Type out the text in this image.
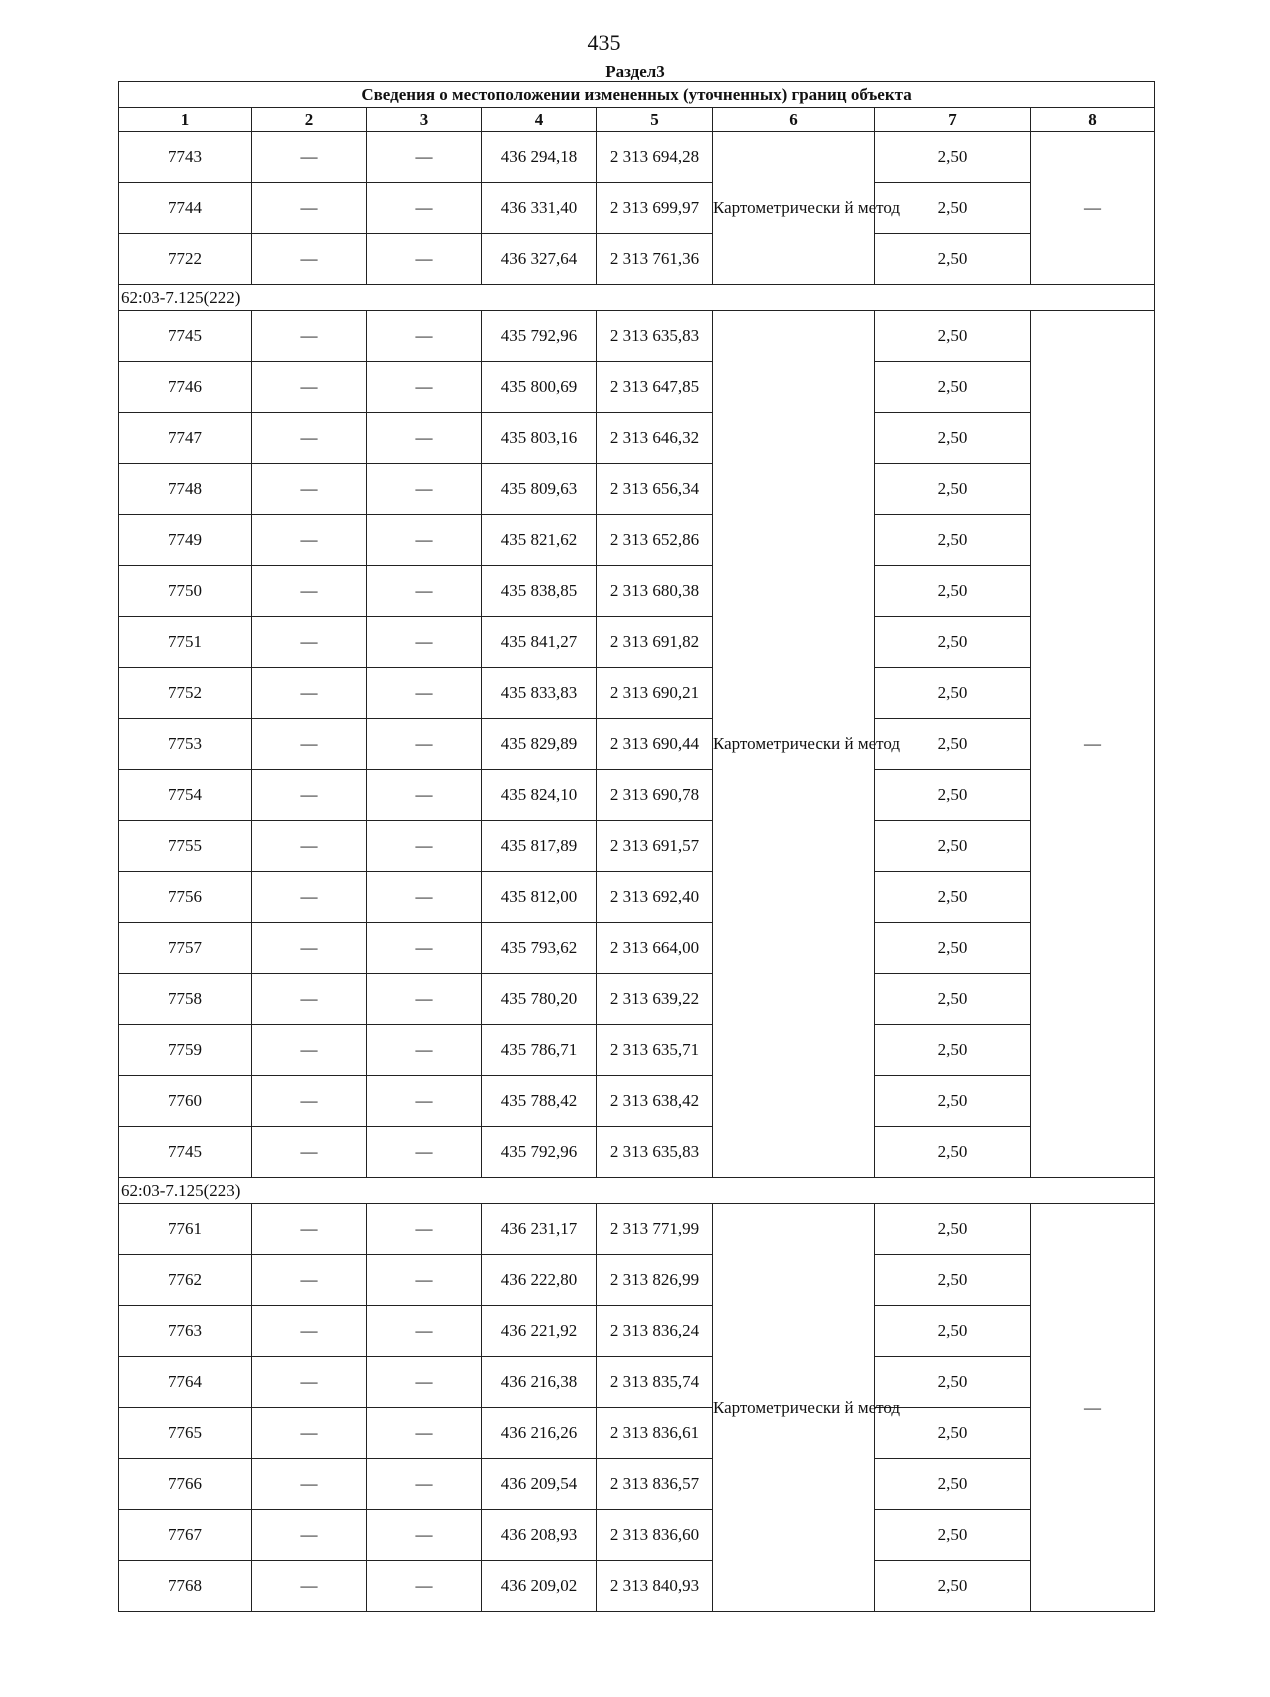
435
Раздел3
Сведения о местоположении измененных (уточненных) границ объекта							
1	2	3	4	5	6	7	8
7743	—	—	436 294,18	2 313 694,28	Картометрически й метод	2,50	—
7744	—	—	436 331,40	2 313 699,97		2,50	
7722	—	—	436 327,64	2 313 761,36		2,50	
62:03-7.125(222)							
7745	—	—	435 792,96	2 313 635,83	Картометрически й метод	2,50	—
7746	—	—	435 800,69	2 313 647,85		2,50	
7747	—	—	435 803,16	2 313 646,32		2,50	
7748	—	—	435 809,63	2 313 656,34		2,50	
7749	—	—	435 821,62	2 313 652,86		2,50	
7750	—	—	435 838,85	2 313 680,38		2,50	
7751	—	—	435 841,27	2 313 691,82		2,50	
7752	—	—	435 833,83	2 313 690,21		2,50	
7753	—	—	435 829,89	2 313 690,44		2,50	
7754	—	—	435 824,10	2 313 690,78		2,50	
7755	—	—	435 817,89	2 313 691,57		2,50	
7756	—	—	435 812,00	2 313 692,40		2,50	
7757	—	—	435 793,62	2 313 664,00		2,50	
7758	—	—	435 780,20	2 313 639,22		2,50	
7759	—	—	435 786,71	2 313 635,71		2,50	
7760	—	—	435 788,42	2 313 638,42		2,50	
7745	—	—	435 792,96	2 313 635,83		2,50	
62:03-7.125(223)							
7761	—	—	436 231,17	2 313 771,99	Картометрически й метод	2,50	—
7762	—	—	436 222,80	2 313 826,99		2,50	
7763	—	—	436 221,92	2 313 836,24		2,50	
7764	—	—	436 216,38	2 313 835,74		2,50	
7765	—	—	436 216,26	2 313 836,61		2,50	
7766	—	—	436 209,54	2 313 836,57		2,50	
7767	—	—	436 208,93	2 313 836,60		2,50	
7768	—	—	436 209,02	2 313 840,93		2,50	
